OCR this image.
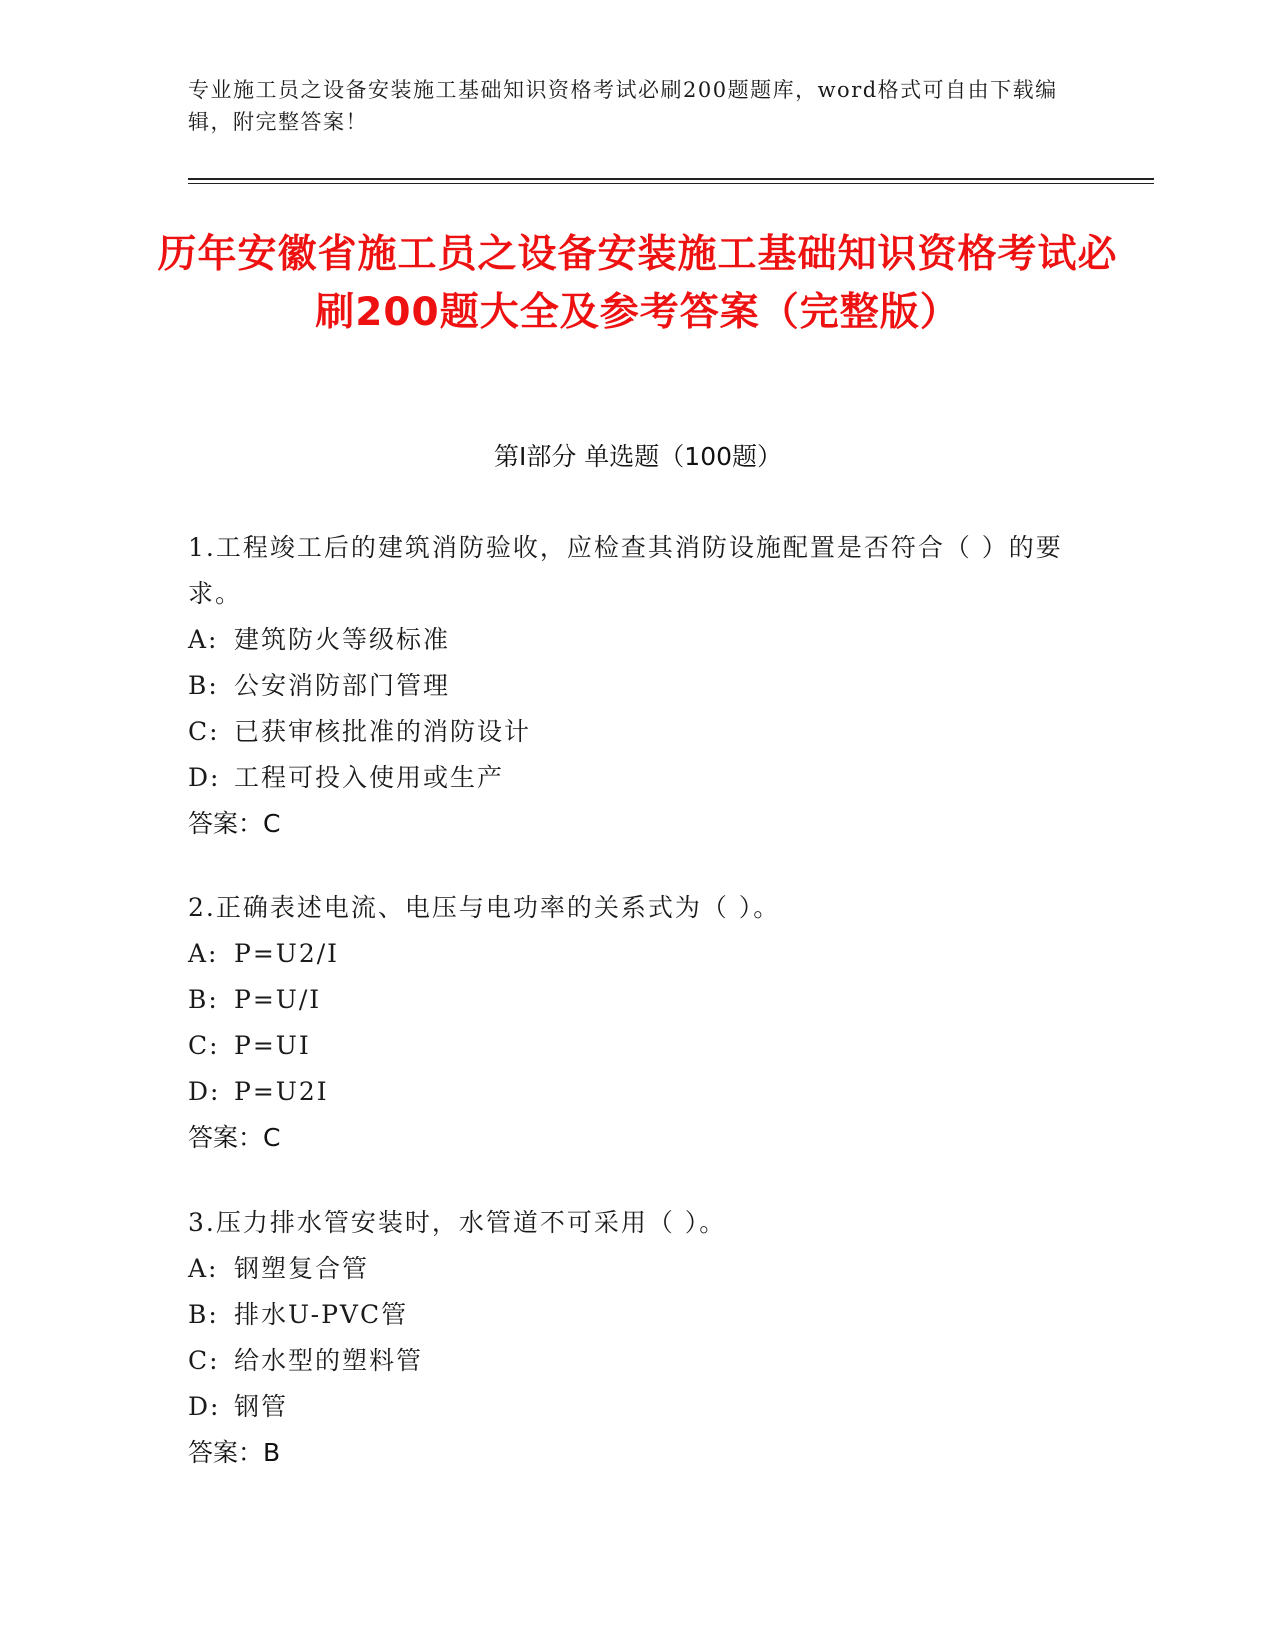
专业施工员之设备安装施工基础知识资格考试必刷200题题库，word格式可自由下载编辑，附完整答案！
历年安徽省施工员之设备安装施工基础知识资格考试必刷200题大全及参考答案（完整版）
第Ⅰ部分 单选题（100题）
1.工程竣工后的建筑消防验收，应检查其消防设施配置是否符合（ ）的要求。
A: 建筑防火等级标准
B: 公安消防部门管理
C: 已获审核批准的消防设计
D: 工程可投入使用或生产
答案：C
2.正确表述电流、电压与电功率的关系式为（ ）。
A: P=U2/I
B: P=U/I
C: P=UI
D: P=U2I
答案：C
3.压力排水管安装时，水管道不可采用（ ）。
A: 钢塑复合管
B: 排水U-PVC管
C: 给水型的塑料管
D: 钢管
答案：B
